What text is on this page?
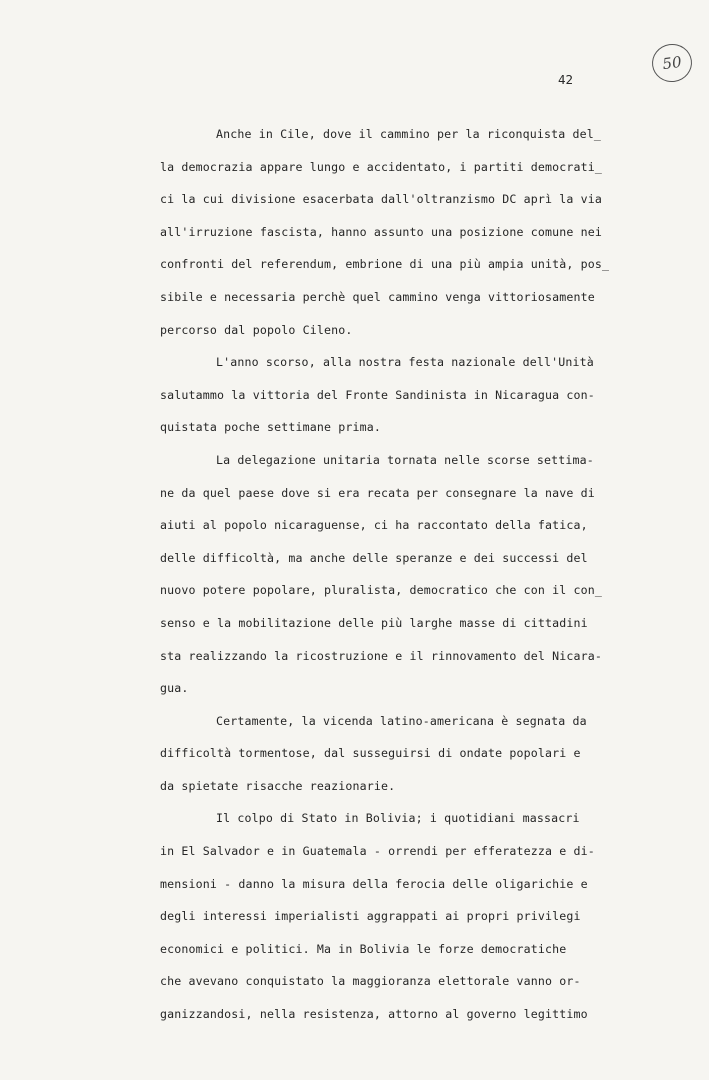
50
42
Anche in Cile, dove il cammino per la riconquista del_
la democrazia appare lungo e accidentato, i partiti democrati_
ci la cui divisione esacerbata dall'oltranzismo DC aprì la via
all'irruzione fascista, hanno assunto una posizione comune nei
confronti del referendum, embrione di una più ampia unità, pos_
sibile e necessaria perchè quel cammino venga vittoriosamente
percorso dal popolo Cileno.
L'anno scorso, alla nostra festa nazionale dell'Unità
salutammo la vittoria del Fronte Sandinista in Nicaragua con-
quistata poche settimane prima.
La delegazione unitaria tornata nelle scorse settima-
ne da quel paese dove si era recata per consegnare la nave di
aiuti al popolo nicaraguense, ci ha raccontato della fatica,
delle difficoltà, ma anche delle speranze e dei successi del
nuovo potere popolare, pluralista, democratico che con il con_
senso e la mobilitazione delle più larghe masse di cittadini
sta realizzando la ricostruzione e il rinnovamento del Nicara-
gua.
Certamente, la vicenda latino-americana è segnata da
difficoltà tormentose, dal susseguirsi di ondate popolari e
da spietate risacche reazionarie.
Il colpo di Stato in Bolivia; i quotidiani massacri
in El Salvador e in Guatemala - orrendi per efferatezza e di-
mensioni - danno la misura della ferocia delle oligarichie e
degli interessi imperialisti aggrappati ai propri privilegi
economici e politici. Ma in Bolivia le forze democratiche
che avevano conquistato la maggioranza elettorale vanno or-
ganizzandosi, nella resistenza, attorno al governo legittimo
